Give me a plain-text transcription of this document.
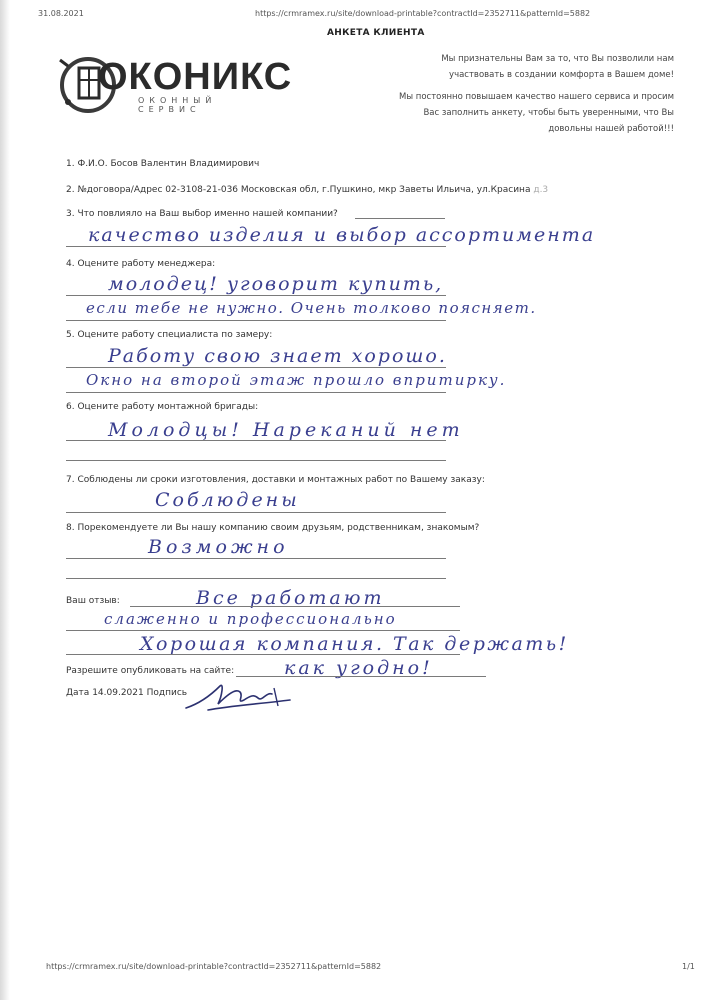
31.08.2021	https://crmramex.ru/site/download-printable?contractId=2352711&patternId=5882
АНКЕТА КЛИЕНТА
ОКОНИКС
ОКОННЫЙ СЕРВИС
Мы признательны Вам за то, что Вы позволили нам
участвовать в создании комфорта в Вашем доме!
Мы постоянно повышаем качество нашего сервиса и просим
Вас заполнить анкету, чтобы быть уверенными, что Вы
довольны нашей работой!!!
1. Ф.И.О. Босов Валентин Владимирович
2. №договора/Адрес 02-3108-21-036 Московская обл, г.Пушкино, мкр Заветы Ильича, ул.Красина д.3
3. Что повлияло на Ваш выбор именно нашей компании?
качество изделия и выбор ассортимента
4. Оцените работу менеджера:
молодец! уговорит купить,
если тебе не нужно. Очень толково поясняет.
5. Оцените работу специалиста по замеру:
Работу свою знает хорошо.
Окно на второй этаж прошло впритирку.
6. Оцените работу монтажной бригады:
Молодцы! Нареканий нет
7. Соблюдены ли сроки изготовления, доставки и монтажных работ по Вашему заказу:
Соблюдены
8. Порекомендуете ли Вы нашу компанию своим друзьям, родственникам, знакомым?
Возможно
Ваш отзыв:	Все работают
слаженно и профессионально
Хорошая компания. Так держать!
Разрешите опубликовать на сайте:	как угодно!
Дата 14.09.2021 Подпись
https://crmramex.ru/site/download-printable?contractId=2352711&patternId=5882	1/1
